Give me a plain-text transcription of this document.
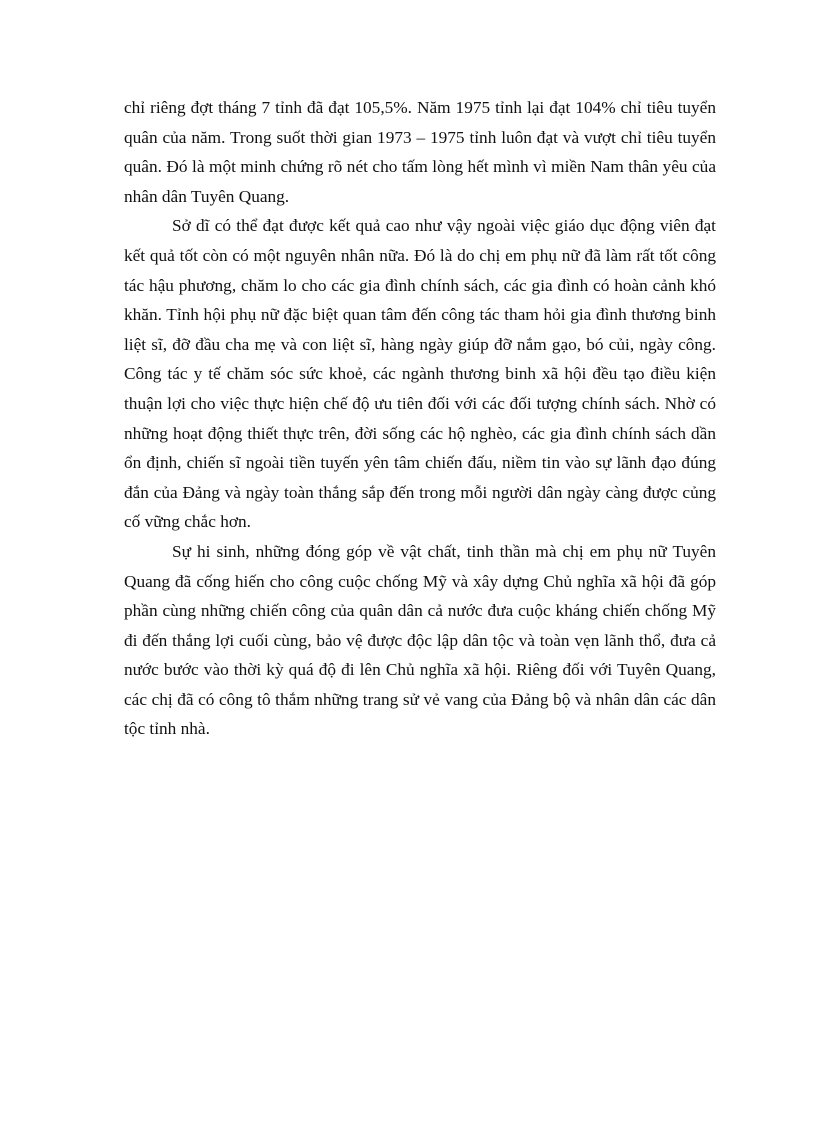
chỉ riêng đợt tháng 7 tỉnh đã đạt 105,5%. Năm 1975 tỉnh lại đạt 104% chỉ tiêu tuyển quân của năm. Trong suốt thời gian 1973 – 1975 tỉnh luôn đạt và vượt chỉ tiêu tuyển quân. Đó là một minh chứng rõ nét cho tấm lòng hết mình vì miền Nam thân yêu của nhân dân Tuyên Quang.

Sở dĩ có thể đạt được kết quả cao như vậy ngoài việc giáo dục động viên đạt kết quả tốt còn có một nguyên nhân nữa. Đó là do chị em phụ nữ đã làm rất tốt công tác hậu phương, chăm lo cho các gia đình chính sách, các gia đình có hoàn cảnh khó khăn. Tỉnh hội phụ nữ đặc biệt quan tâm đến công tác tham hỏi gia đình thương binh liệt sĩ, đỡ đầu cha mẹ và con liệt sĩ, hàng ngày giúp đỡ nắm gạo, bó củi, ngày công. Công tác y tế chăm sóc sức khoẻ, các ngành thương binh xã hội đều tạo điều kiện thuận lợi cho việc thực hiện chế độ ưu tiên đối với các đối tượng chính sách. Nhờ có những hoạt động thiết thực trên, đời sống các hộ nghèo, các gia đình chính sách dần ổn định, chiến sĩ ngoài tiền tuyến yên tâm chiến đấu, niềm tin vào sự lãnh đạo đúng đắn của Đảng và ngày toàn thắng sắp đến trong mỗi người dân ngày càng được củng cố vững chắc hơn.

Sự hi sinh, những đóng góp về vật chất, tinh thần mà chị em phụ nữ Tuyên Quang đã cống hiến cho công cuộc chống Mỹ và xây dựng Chủ nghĩa xã hội đã góp phần cùng những chiến công của quân dân cả nước đưa cuộc kháng chiến chống Mỹ đi đến thắng lợi cuối cùng, bảo vệ được độc lập dân tộc và toàn vẹn lãnh thổ, đưa cả nước bước vào thời kỳ quá độ đi lên Chủ nghĩa xã hội. Riêng đối với Tuyên Quang, các chị đã có công tô thắm những trang sử vẻ vang của Đảng bộ và nhân dân các dân tộc tỉnh nhà.
